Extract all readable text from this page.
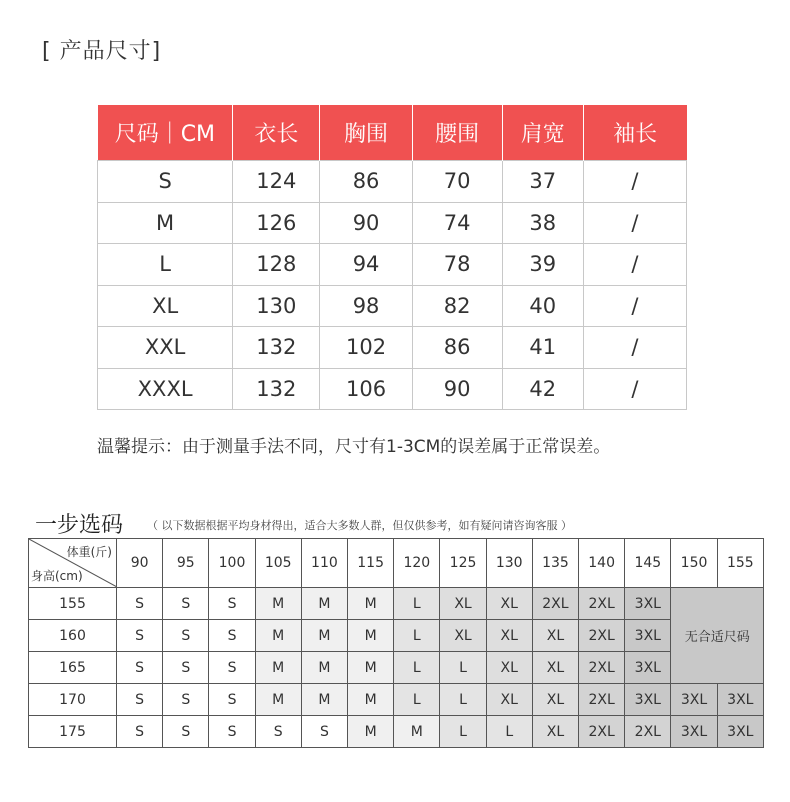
[ 产品尺寸]
尺码｜CM	衣长	胸围	腰围	肩宽	袖长
S	124	86	70	37	/
M	126	90	74	38	/
L	128	94	78	39	/
XL	130	98	82	40	/
XXL	132	102	86	41	/
XXXL	132	106	90	42	/
温馨提示：由于测量手法不同，尺寸有1-3CM的误差属于正常误差。
一步选码 （ 以下数据根据平均身材得出，适合大多数人群，但仅供参考，如有疑问请咨询客服 ）
体重(斤)
身高(cm)	90	95	100	105	110	115	120	125	130	135	140	145	150	155
155	S	S	S	M	M	M	L	XL	XL	2XL	2XL	3XL	无合适尺码	
160	S	S	S	M	M	M	L	XL	XL	XL	2XL	3XL		
165	S	S	S	M	M	M	L	L	XL	XL	2XL	3XL		
170	S	S	S	M	M	M	L	L	XL	XL	2XL	3XL	3XL	3XL
175	S	S	S	S	S	M	M	L	L	XL	2XL	2XL	3XL	3XL
